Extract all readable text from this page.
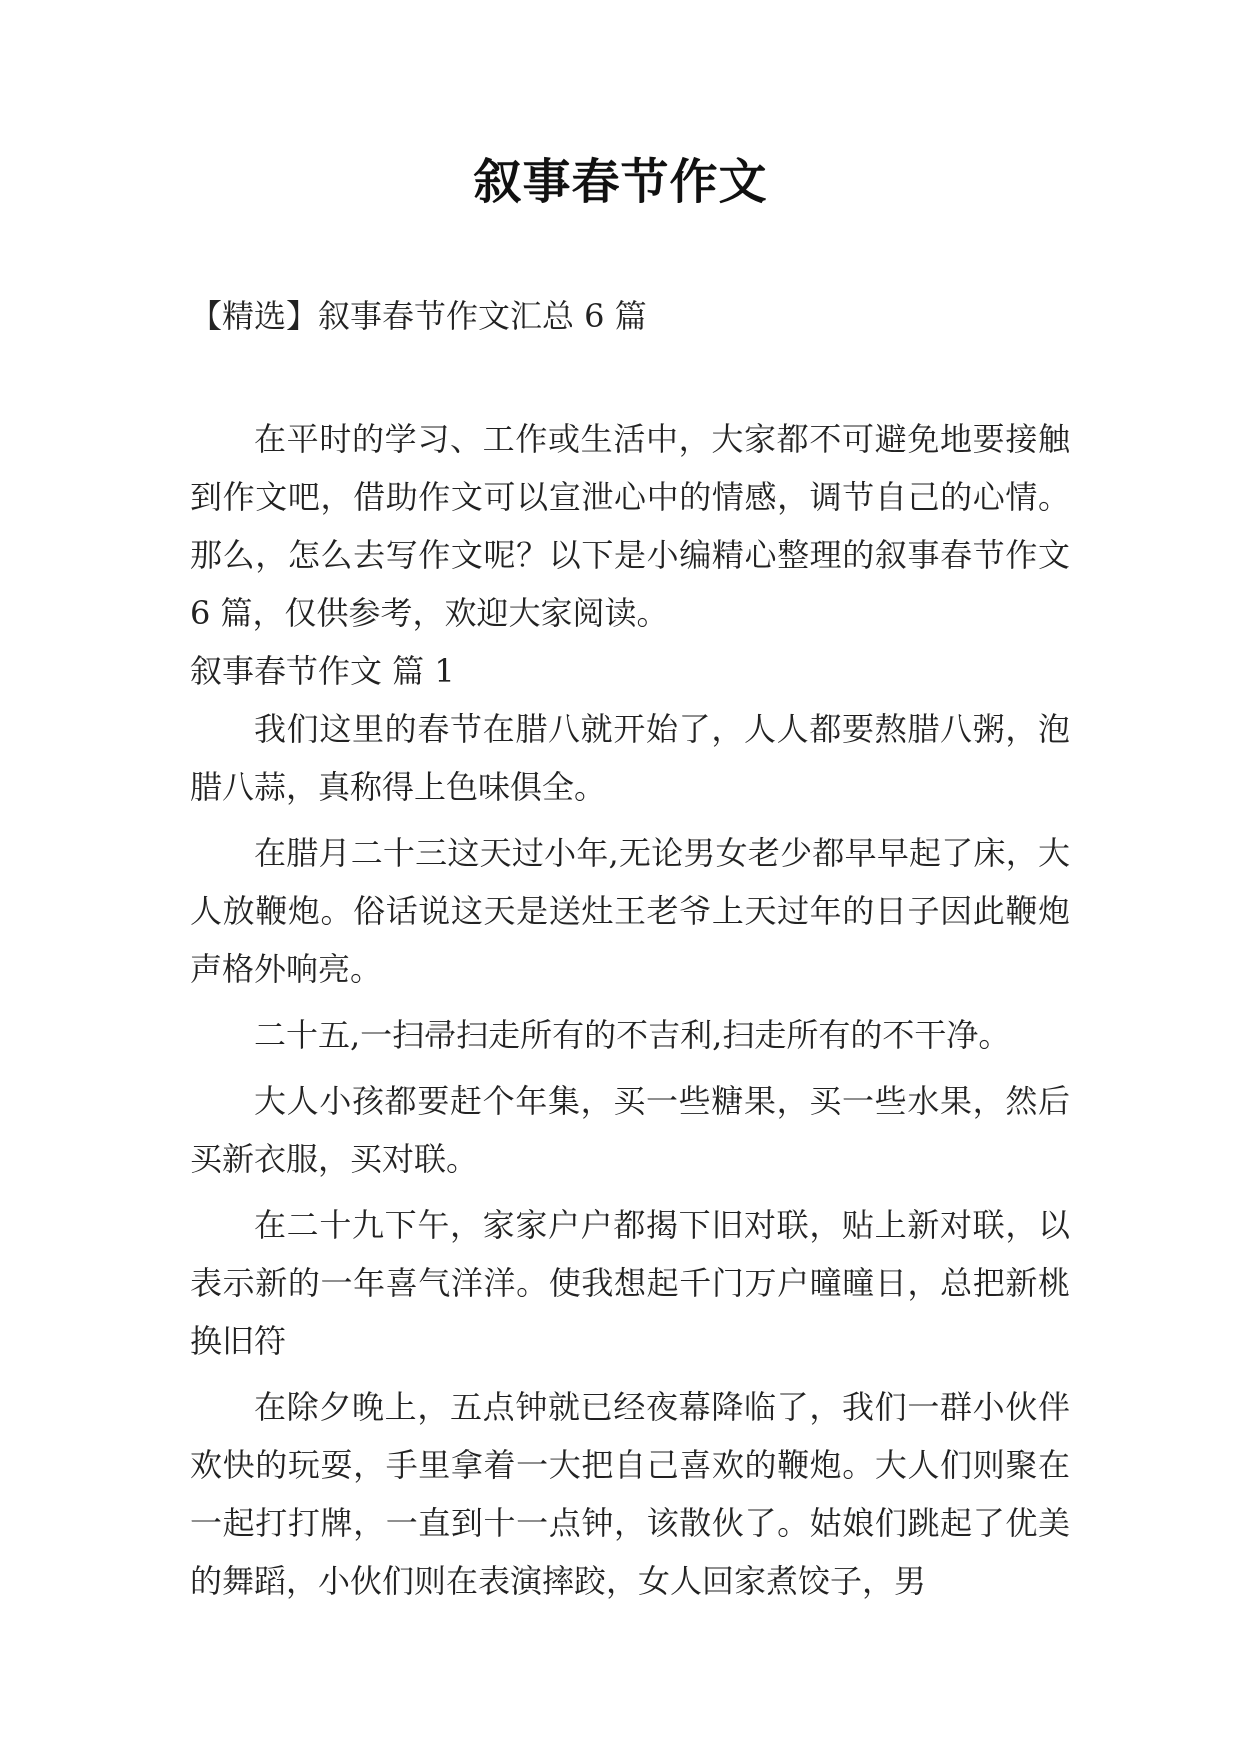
叙事春节作文
【精选】叙事春节作文汇总 6 篇

在平时的学习、工作或生活中，大家都不可避免地要接触到作文吧，借助作文可以宣泄心中的情感，调节自己的心情。那么，怎么去写作文呢？以下是小编精心整理的叙事春节作文 6 篇，仅供参考，欢迎大家阅读。

叙事春节作文 篇 1

我们这里的春节在腊八就开始了，人人都要熬腊八粥，泡腊八蒜，真称得上色味俱全。

在腊月二十三这天过小年,无论男女老少都早早起了床，大人放鞭炮。俗话说这天是送灶王老爷上天过年的日子因此鞭炮声格外响亮。

二十五,一扫帚扫走所有的不吉利,扫走所有的不干净。

大人小孩都要赶个年集，买一些糖果，买一些水果，然后买新衣服，买对联。

在二十九下午，家家户户都揭下旧对联，贴上新对联，以表示新的一年喜气洋洋。使我想起千门万户曈曈日，总把新桃换旧符

在除夕晚上，五点钟就已经夜幕降临了，我们一群小伙伴欢快的玩耍，手里拿着一大把自己喜欢的鞭炮。大人们则聚在一起打打牌，一直到十一点钟，该散伙了。姑娘们跳起了优美的舞蹈，小伙们则在表演摔跤，女人回家煮饺子，男
